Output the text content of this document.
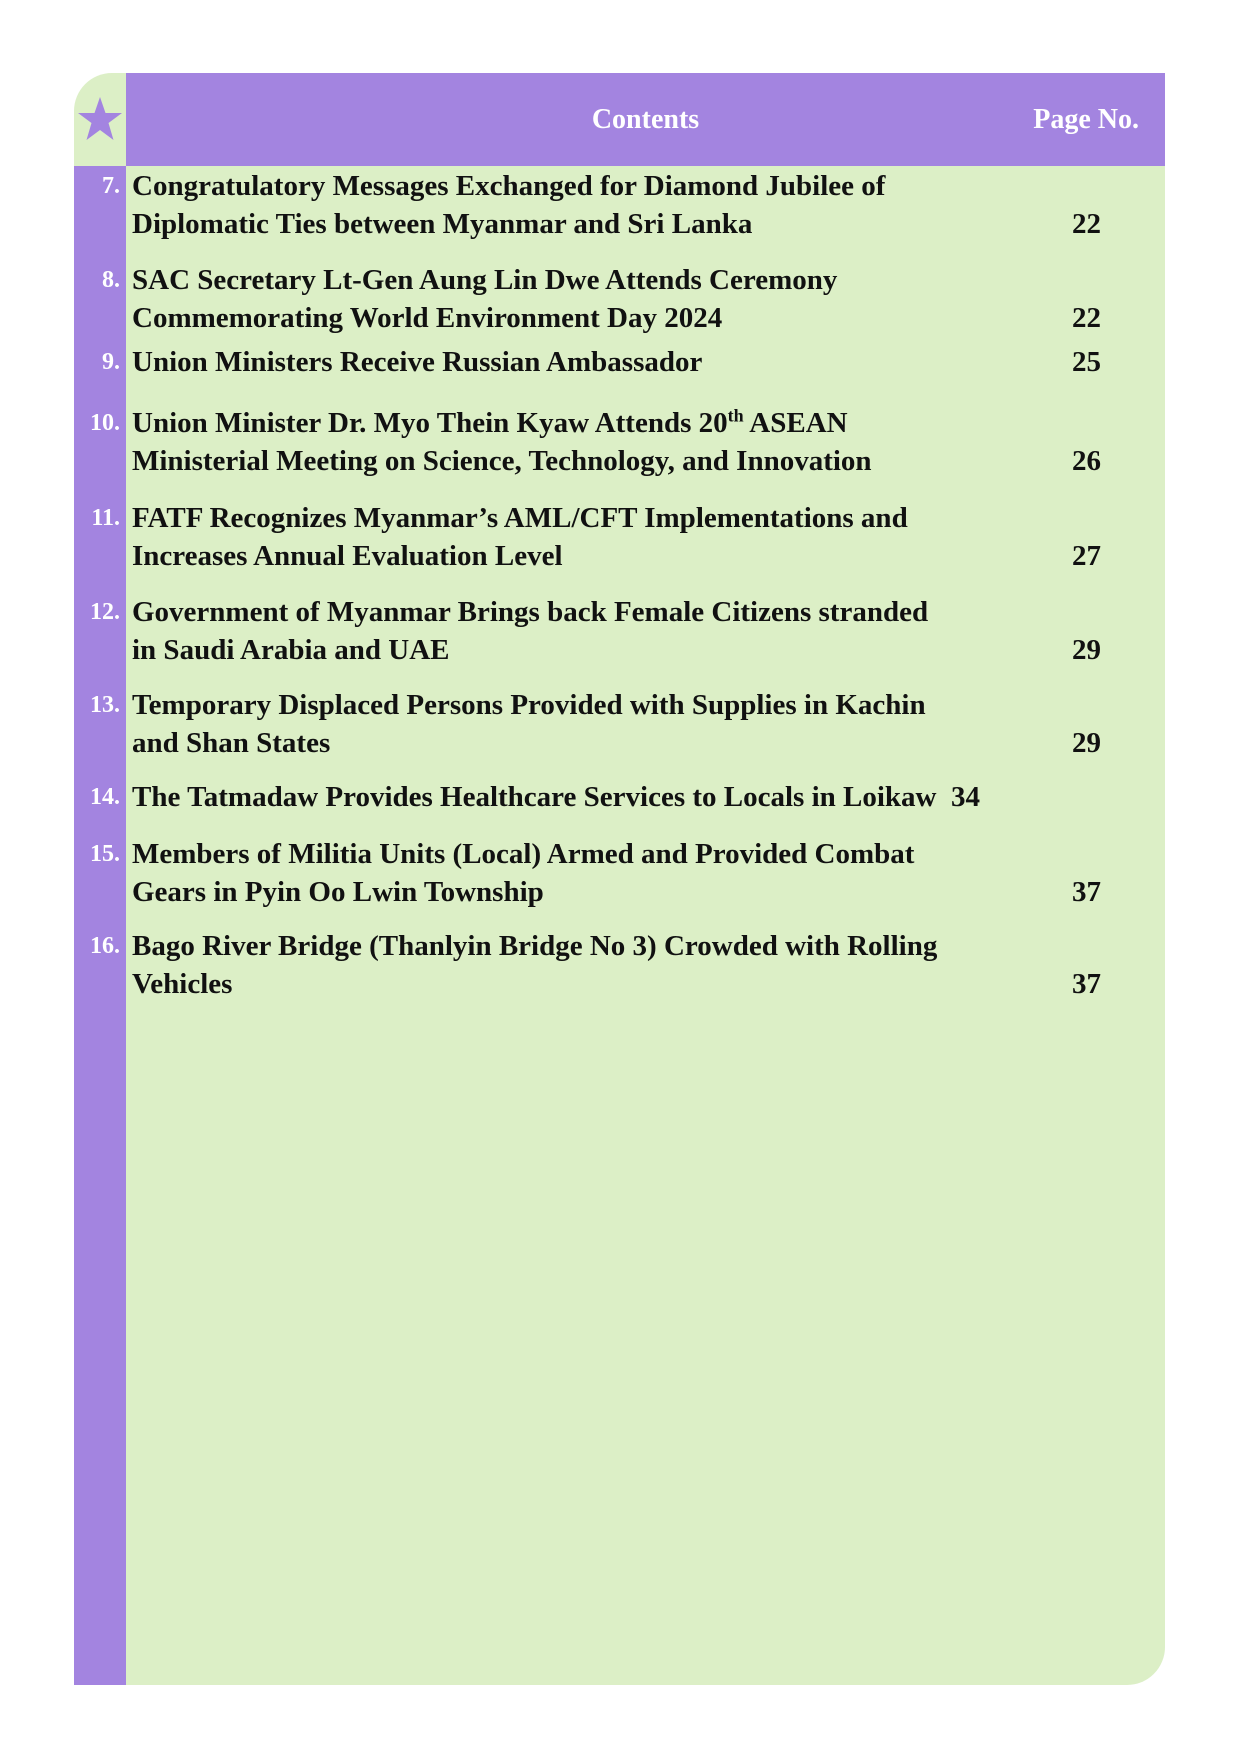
Contents	Page No.
7. Congratulatory Messages Exchanged for Diamond Jubilee of
Diplomatic Ties between Myanmar and Sri Lanka	22
8. SAC Secretary Lt-Gen Aung Lin Dwe Attends Ceremony
Commemorating World Environment Day 2024	22
9. Union Ministers Receive Russian Ambassador	25
10. Union Minister Dr. Myo Thein Kyaw Attends 20th ASEAN
Ministerial Meeting on Science, Technology, and Innovation	26
11. FATF Recognizes Myanmar’s AML/CFT Implementations and
Increases Annual Evaluation Level	27
12. Government of Myanmar Brings back Female Citizens stranded
in Saudi Arabia and UAE	29
13. Temporary Displaced Persons Provided with Supplies in Kachin
and Shan States	29
14. The Tatmadaw Provides Healthcare Services to Locals in Loikaw  34
15. Members of Militia Units (Local) Armed and Provided Combat
Gears in Pyin Oo Lwin Township	37
16. Bago River Bridge (Thanlyin Bridge No 3) Crowded with Rolling
Vehicles	37
